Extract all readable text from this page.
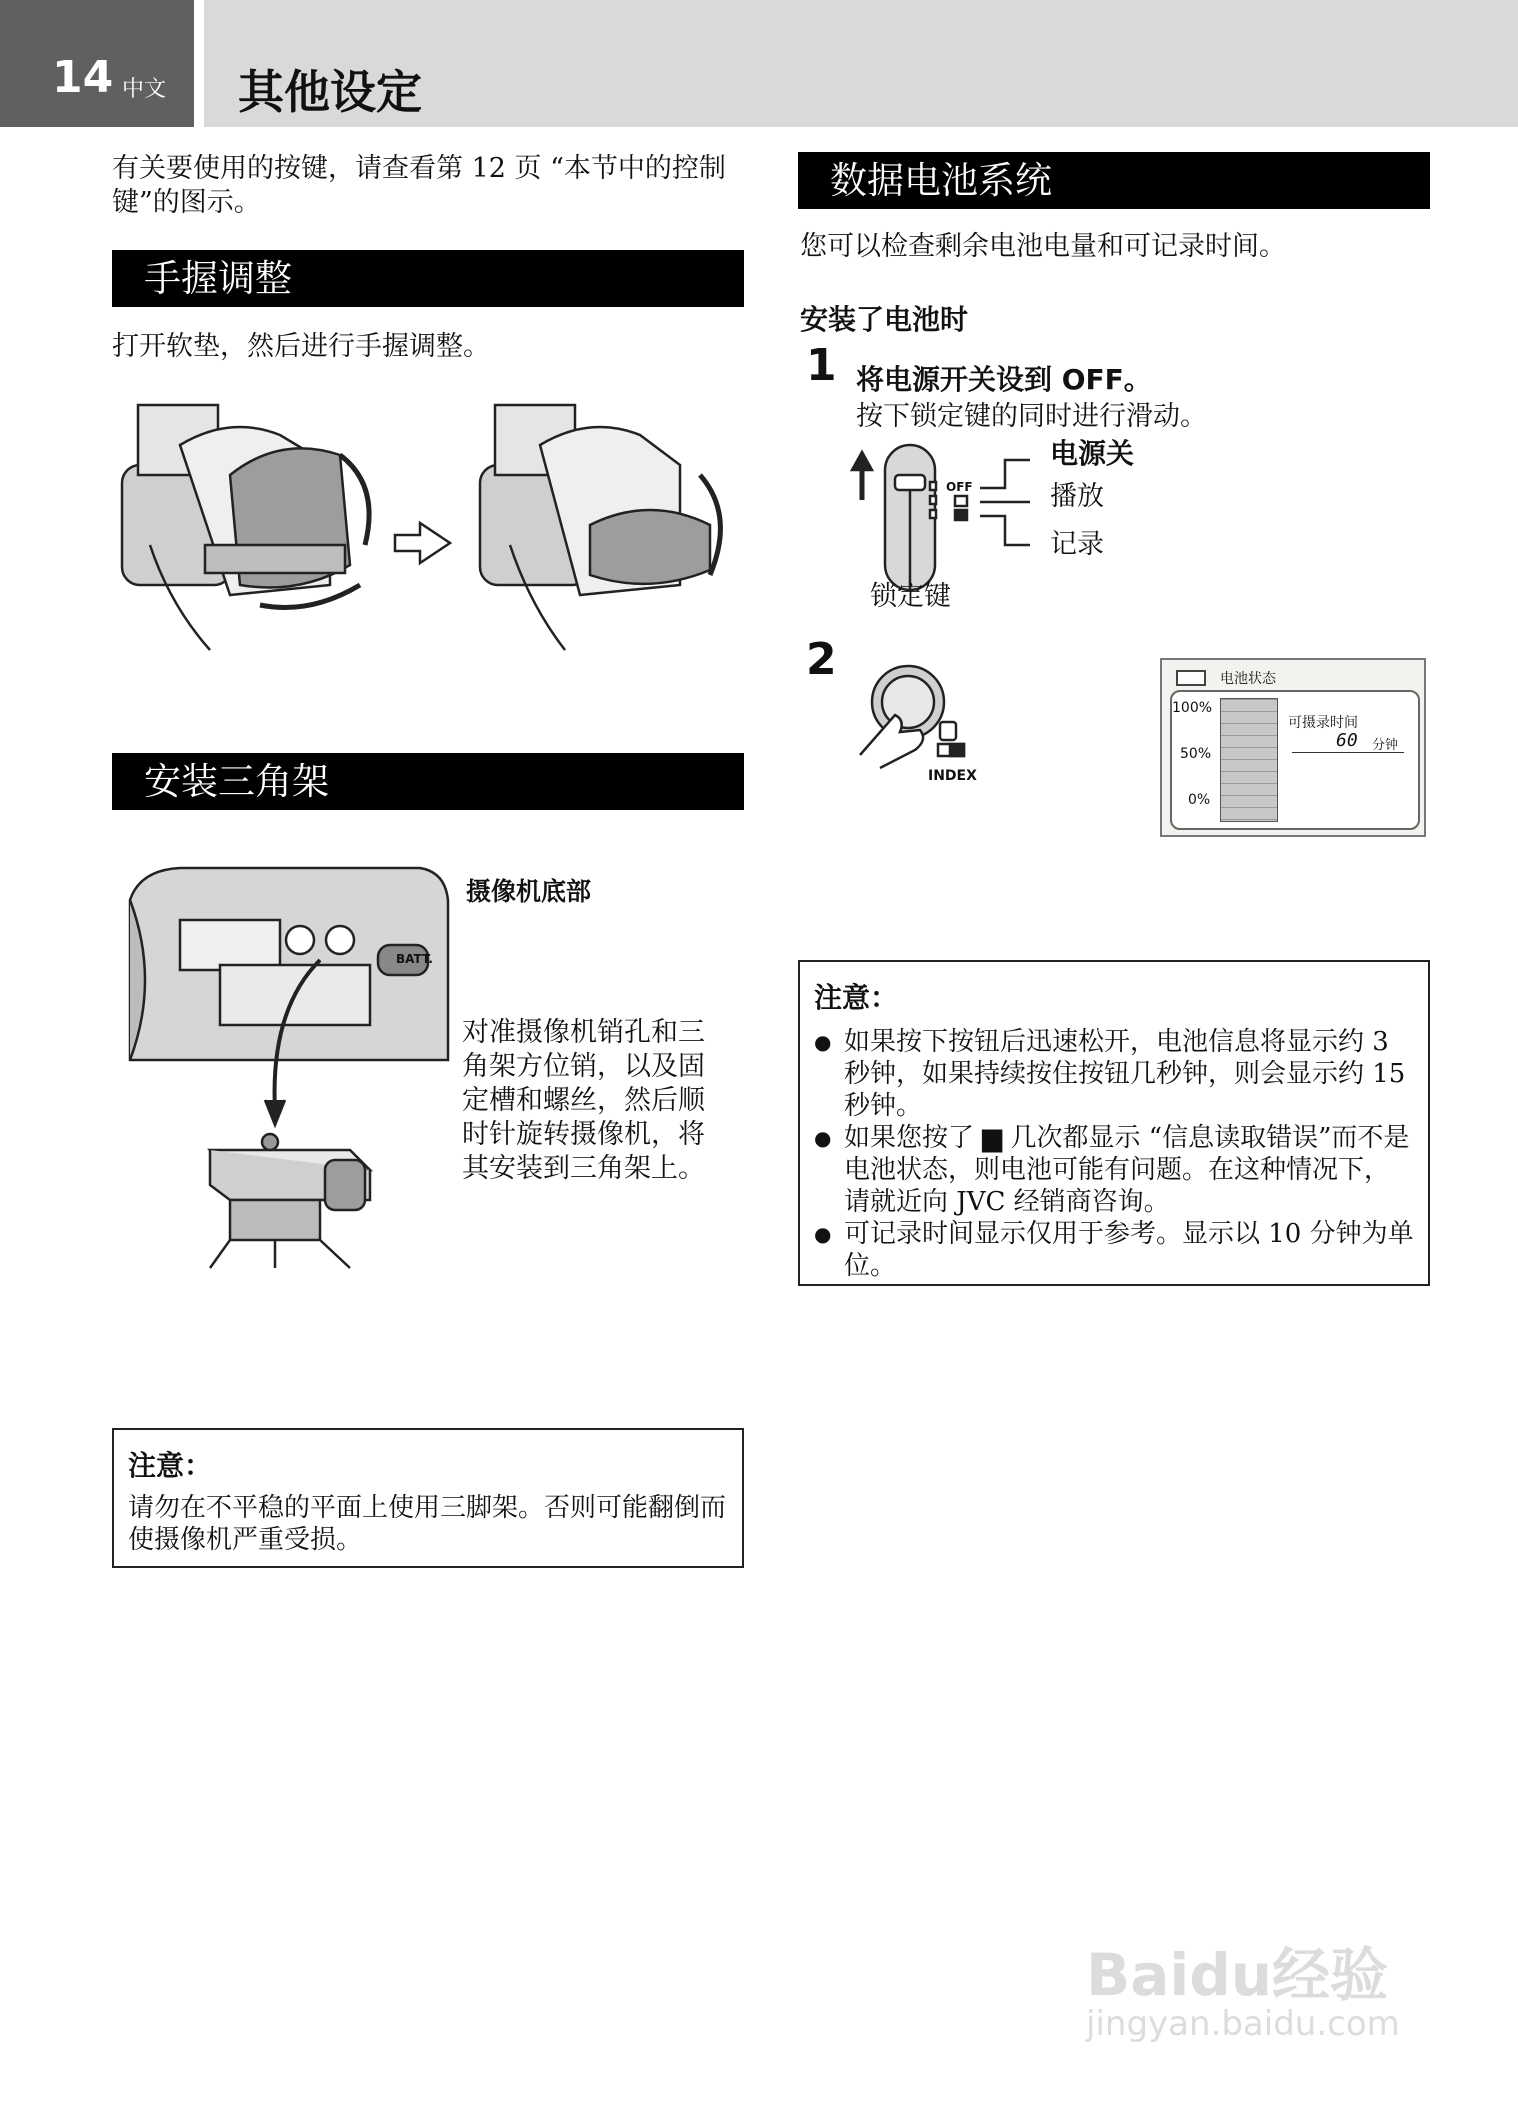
14 中文 其他设定
有关要使用的按键，请查看第 12 页 “本节中的控制键”的图示。
手握调整
打开软垫，然后进行手握调整。
安装三角架
BATT.
摄像机底部
对准摄像机销孔和三角架方位销，以及固定槽和螺丝，然后顺时针旋转摄像机，将其安装到三角架上。
注意：
请勿在不平稳的平面上使用三脚架。否则可能翻倒而使摄像机严重受损。
数据电池系统
您可以检查剩余电池电量和可记录时间。
安装了电池时
1 将电源开关设到 OFF。
按下锁定键的同时进行滑动。
OFF
电源关
播放
记录
锁定键
2
INDEX
电池状态
100%
50%
0%
可摄录时间
60 分钟
注意：
● 如果按下按钮后迅速松开，电池信息将显示约 3 秒钟，如果持续按住按钮几秒钟，则会显示约 15 秒钟。
● 如果您按了 ▆ 几次都显示 “信息读取错误”而不是电池状态，则电池可能有问题。在这种情况下，请就近向 JVC 经销商咨询。
● 可记录时间显示仅用于参考。显示以 10 分钟为单位。
Baidu经验
jingyan.baidu.com
